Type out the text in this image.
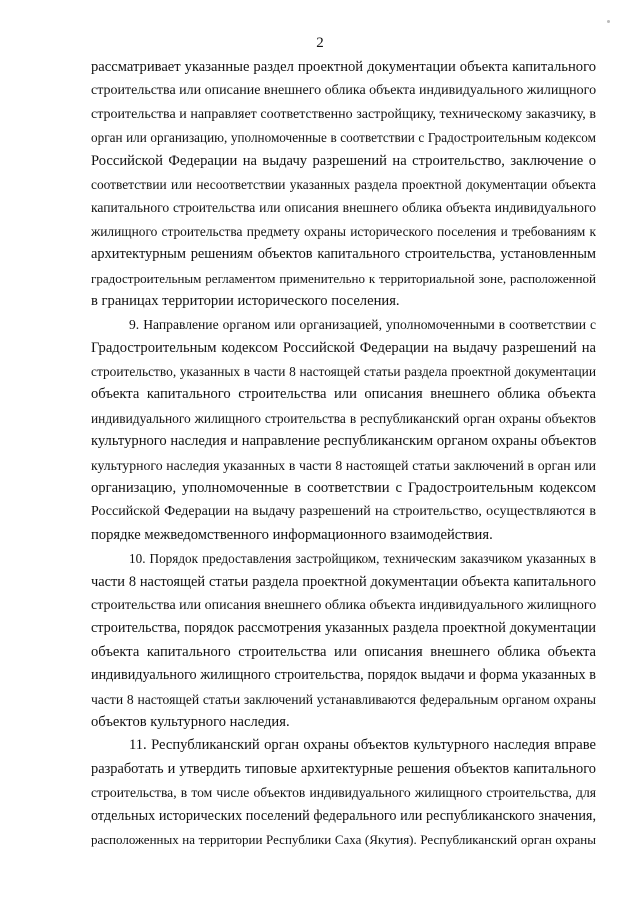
2
рассматривает указанные раздел проектной документации объекта капитального
строительства или описание внешнего облика объекта индивидуального жилищного
строительства и направляет соответственно застройщику, техническому заказчику, в
орган или организацию, уполномоченные в соответствии с Градостроительным кодексом
Российской Федерации на выдачу разрешений на строительство, заключение о
соответствии или несоответствии указанных раздела проектной документации объекта
капитального строительства или описания внешнего облика объекта индивидуального
жилищного строительства предмету охраны исторического поселения и требованиям к
архитектурным решениям объектов капитального строительства, установленным
градостроительным регламентом применительно к территориальной зоне, расположенной
в границах территории исторического поселения.
9. Направление органом или организацией, уполномоченными в соответствии с
Градостроительным кодексом Российской Федерации на выдачу разрешений на
строительство, указанных в части 8 настоящей статьи раздела проектной документации
объекта капитального строительства или описания внешнего облика объекта
индивидуального жилищного строительства в республиканский орган охраны объектов
культурного наследия и направление республиканским органом охраны объектов
культурного наследия указанных в части 8 настоящей статьи заключений в орган или
организацию, уполномоченные в соответствии с Градостроительным кодексом
Российской Федерации на выдачу разрешений на строительство, осуществляются в
порядке межведомственного информационного взаимодействия.
10. Порядок предоставления застройщиком, техническим заказчиком указанных в
части 8 настоящей статьи раздела проектной документации объекта капитального
строительства или описания внешнего облика объекта индивидуального жилищного
строительства, порядок рассмотрения указанных раздела проектной документации
объекта капитального строительства или описания внешнего облика объекта
индивидуального жилищного строительства, порядок выдачи и форма указанных в
части 8 настоящей статьи заключений устанавливаются федеральным органом охраны
объектов культурного наследия.
11. Республиканский орган охраны объектов культурного наследия вправе
разработать и утвердить типовые архитектурные решения объектов капитального
строительства, в том числе объектов индивидуального жилищного строительства, для
отдельных исторических поселений федерального или республиканского значения,
расположенных на территории Республики Саха (Якутия). Республиканский орган охраны
